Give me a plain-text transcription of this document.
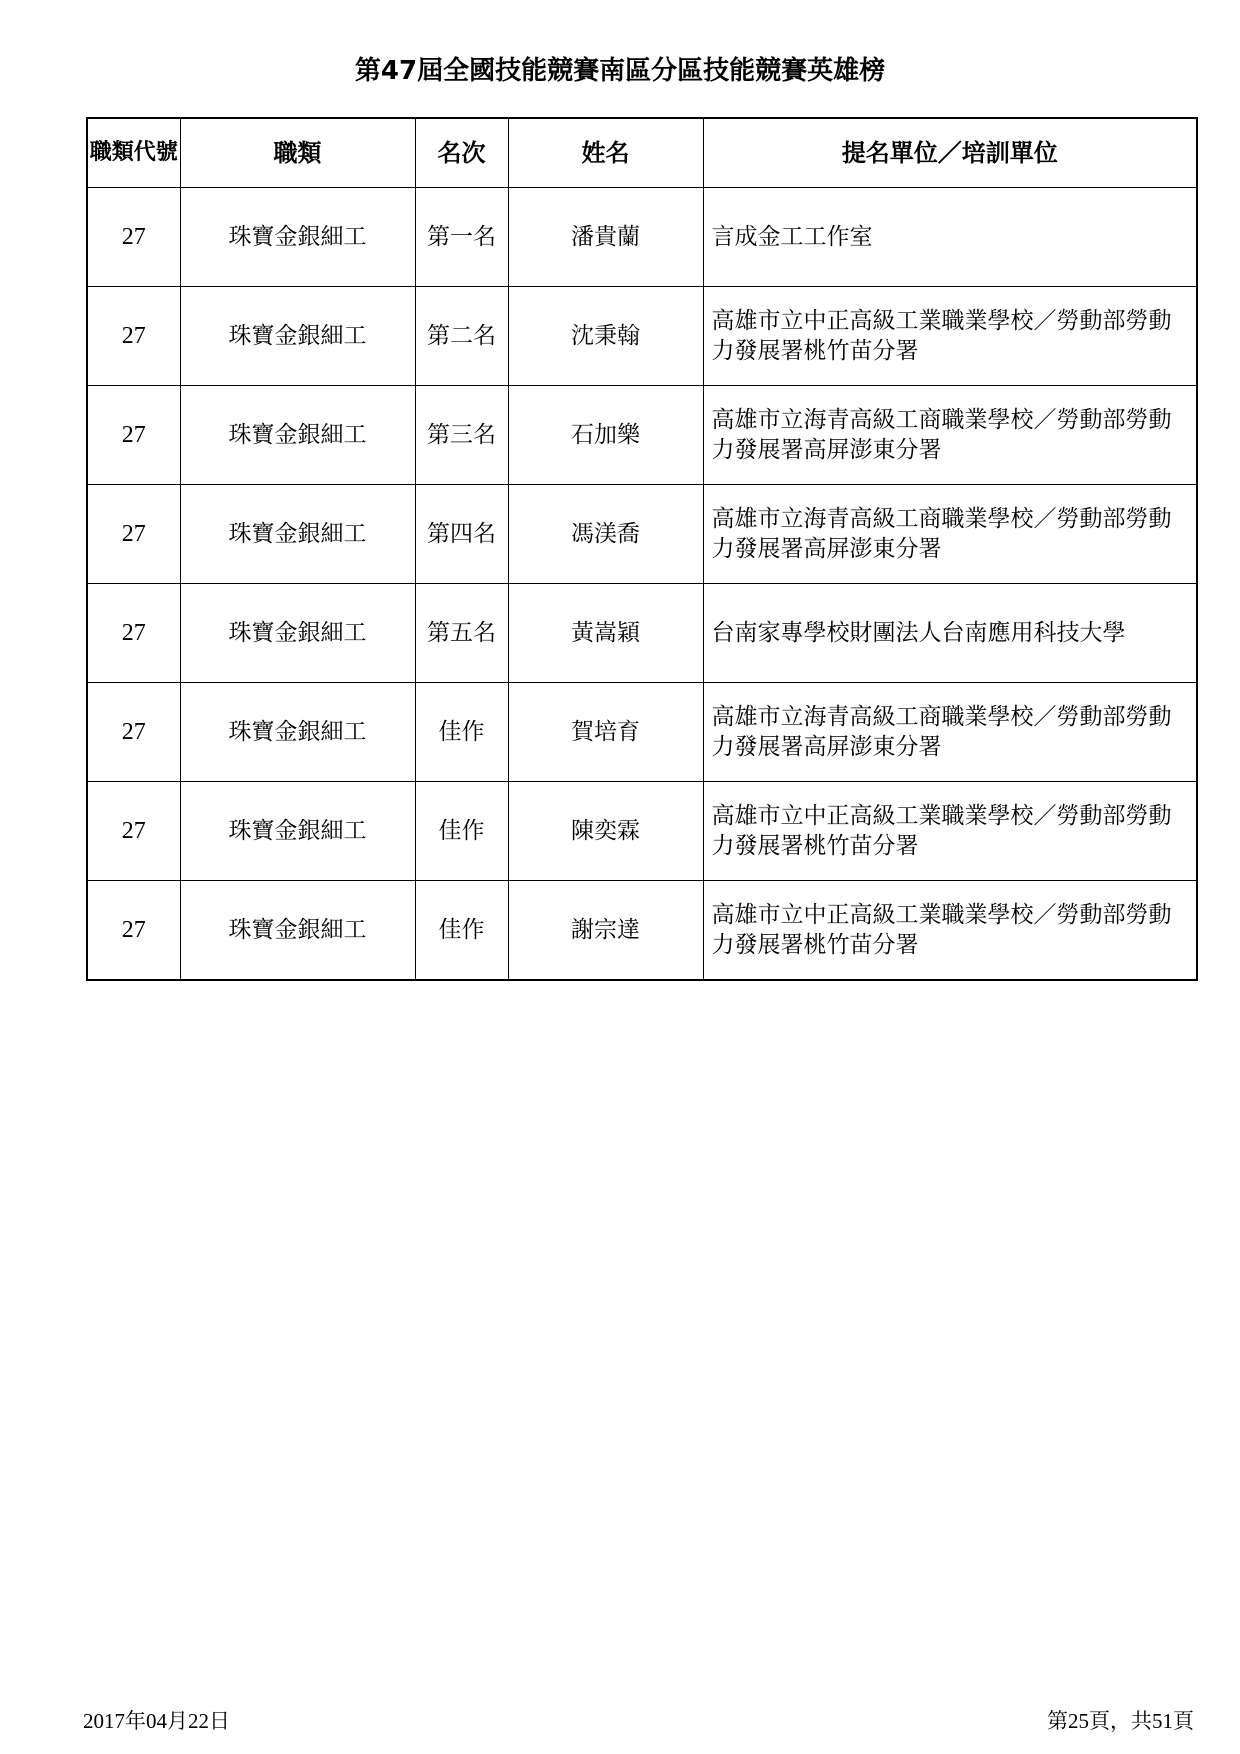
第47屆全國技能競賽南區分區技能競賽英雄榜
職類代號	職類	名次	姓名	提名單位／培訓單位
27	珠寶金銀細工	第一名	潘貴蘭	言成金工工作室
27	珠寶金銀細工	第二名	沈秉翰	高雄市立中正高級工業職業學校／勞動部勞動力發展署桃竹苗分署
27	珠寶金銀細工	第三名	石加樂	高雄市立海青高級工商職業學校／勞動部勞動力發展署高屏澎東分署
27	珠寶金銀細工	第四名	馮渼喬	高雄市立海青高級工商職業學校／勞動部勞動力發展署高屏澎東分署
27	珠寶金銀細工	第五名	黃嵩穎	台南家專學校財團法人台南應用科技大學
27	珠寶金銀細工	佳作	賀培育	高雄市立海青高級工商職業學校／勞動部勞動力發展署高屏澎東分署
27	珠寶金銀細工	佳作	陳奕霖	高雄市立中正高級工業職業學校／勞動部勞動力發展署桃竹苗分署
27	珠寶金銀細工	佳作	謝宗達	高雄市立中正高級工業職業學校／勞動部勞動力發展署桃竹苗分署
2017年04月22日	第25頁，共51頁
